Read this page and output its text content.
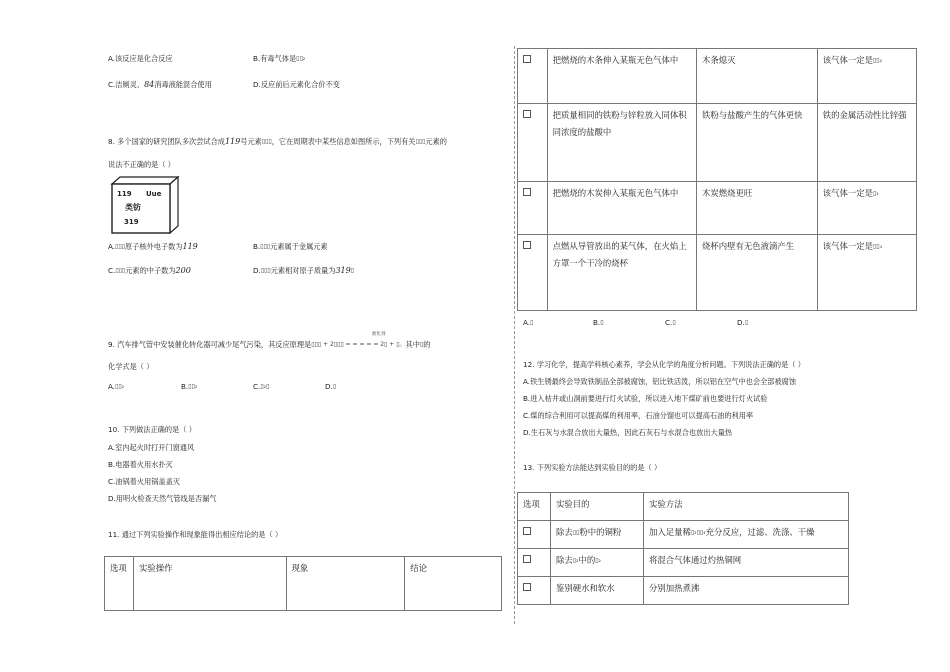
A.该反应是化合反应	B.有毒气体是▯▯₂
C.洁厕灵、84消毒液能混合使用	D.反应前后元素化合价不变
8. 多个国家的研究团队多次尝试合成119号元素▯▯▯，它在周期表中某些信息如图所示，下列有关▯▯▯元素的
说法不正确的是（ ）
119 Uue
类钫
319
A.▯▯▯原子核外电子数为119	B.▯▯▯元素属于金属元素
C.▯▯▯元素的中子数为200	D.▯▯▯元素相对原子质量为319▯
催化剂
9. 汽车排气管中安装催化转化器可减少尾气污染，其反应原理是▯▯▯ + 2▯▯▯ = = = = = 2▯ + ▯。其中▯的
化学式是（ ）
A.▯▯₂	B.▯▯₂	C.▯₂▯	D.▯
10. 下列做法正确的是（ ）
A.室内起火时打开门窗通风
B.电器着火用水扑灭
C.油锅着火用锅盖盖灭
D.用明火检查天然气管线是否漏气
11. 通过下列实验操作和现象能得出相应结论的是（ ）
选项	实验操作	现象	结论
	把燃烧的木条伸入某瓶无色气体中	木条熄灭	该气体一定是▯▯₂
	把质量相同的铁粉与锌粒放入同体积同浓度的盐酸中	铁粉与盐酸产生的气体更快	铁的金属活动性比锌强
	把燃烧的木炭伸入某瓶无色气体中	木炭燃烧更旺	该气体一定是▯₂
	点燃从导管放出的某气体，在火焰上方罩一个干冷的烧杯	烧杯内壁有无色液滴产生	该气体一定是▯▯₄
A.▯	B.▯	C.▯	D.▯
12. 学习化学，提高学科核心素养，学会从化学的角度分析问题。下列说法正确的是（ ）
A.铁生锈最终会导致铁制品全部被腐蚀，铝比铁活泼，所以铝在空气中也会全部被腐蚀
B.进入枯井或山洞前要进行灯火试验，所以进入地下煤矿前也要进行灯火试验
C.煤的综合利用可以提高煤的利用率，石油分馏也可以提高石油的利用率
D.生石灰与水混合放出大量热，因此石灰石与水混合也放出大量热
13. 下列实验方法能达到实验目的的是（ ）
选项	实验目的	实验方法
	除去▯▯粉中的铜粉	加入足量稀▯₂▯▯₄充分反应，过滤、洗涤、干燥
	除去▯₂中的▯₂	将混合气体通过灼热铜网
	鉴别硬水和软水	分别加热煮沸
